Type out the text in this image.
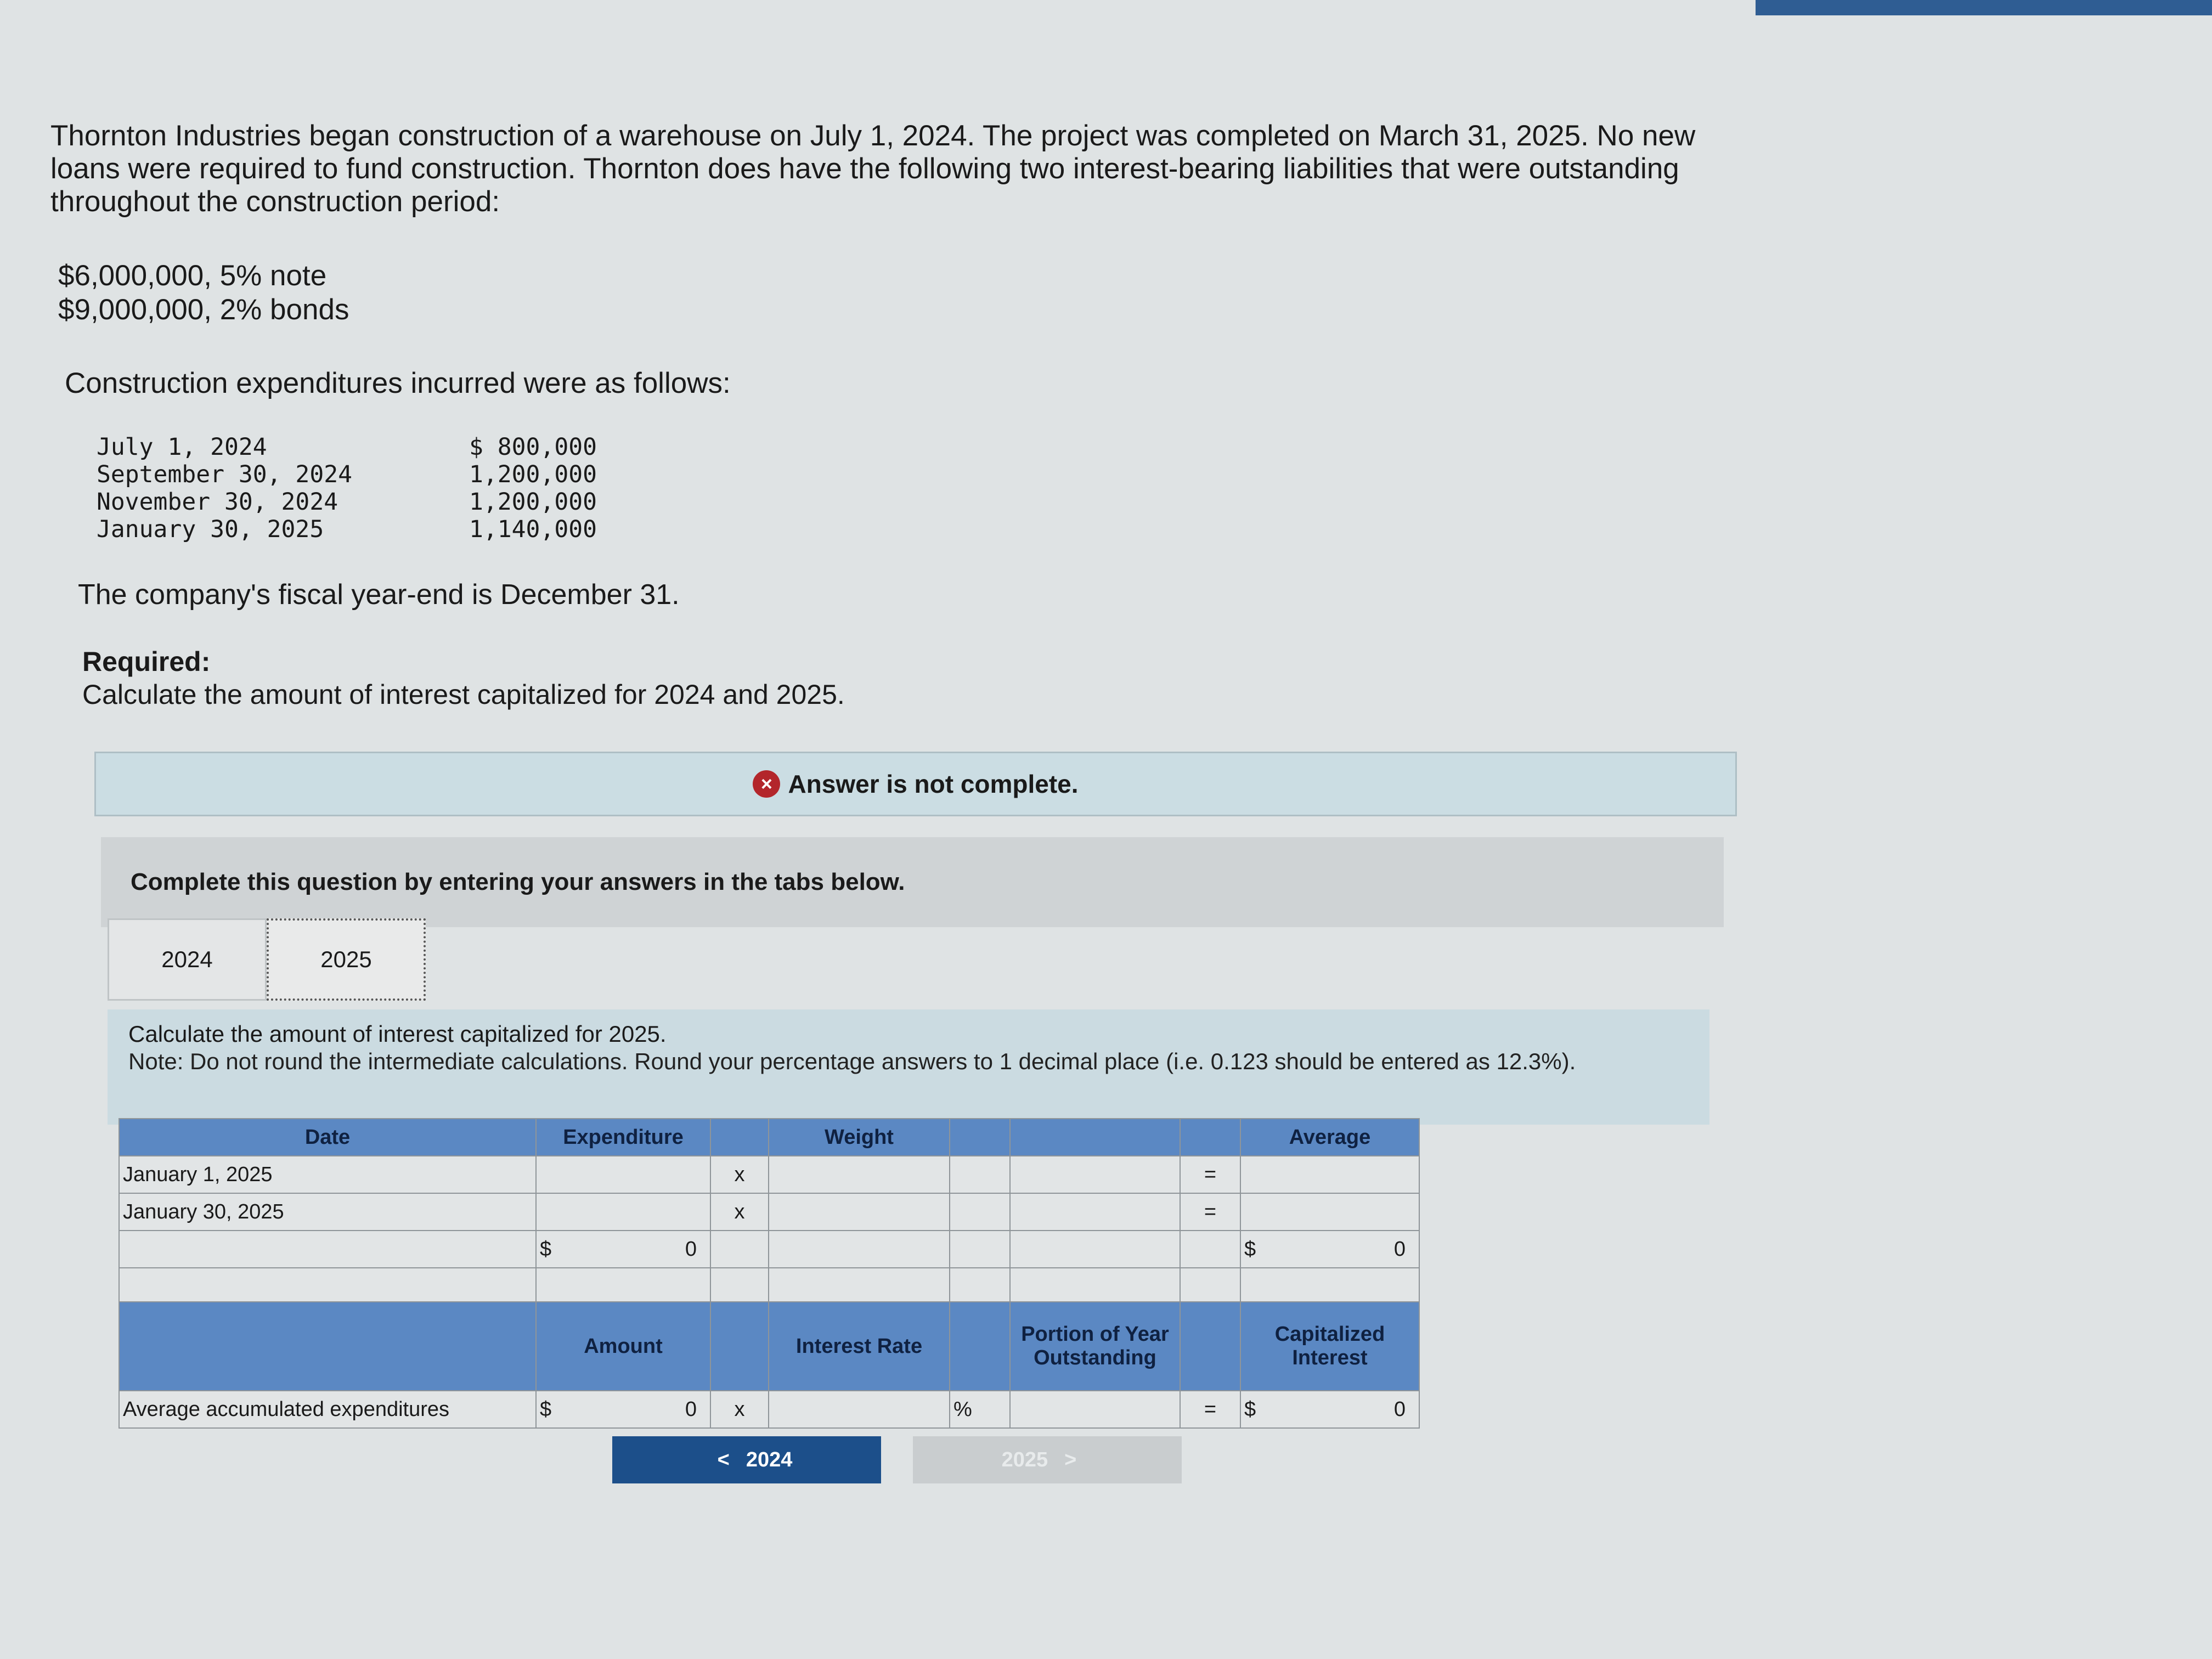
Thornton Industries began construction of a warehouse on July 1, 2024. The project was completed on March 31, 2025. No new loans were required to fund construction. Thornton does have the following two interest-bearing liabilities that were outstanding throughout the construction period:

$6,000,000, 5% note
$9,000,000, 2% bonds
Construction expenditures incurred were as follows:
July 1, 2024	$ 800,000
September 30, 2024	1,200,000
November 30, 2024	1,200,000
January 30, 2025	1,140,000
The company's fiscal year-end is December 31.
Required:
Calculate the amount of interest capitalized for 2024 and 2025.
× Answer is not complete.
Complete this question by entering your answers in the tabs below.
2024	2025
Calculate the amount of interest capitalized for 2025.
Note: Do not round the intermediate calculations. Round your percentage answers to 1 decimal place (i.e. 0.123 should be entered as 12.3%).
Date	Expenditure		Weight				Average
January 1, 2025		x				=	
January 30, 2025		x				=	

	$ 0						$ 0

	Amount		Interest Rate		Portion of Year Outstanding		Capitalized Interest
Average accumulated expenditures	$ 0	x		%		=	$ 0
< 2024	2025 >
